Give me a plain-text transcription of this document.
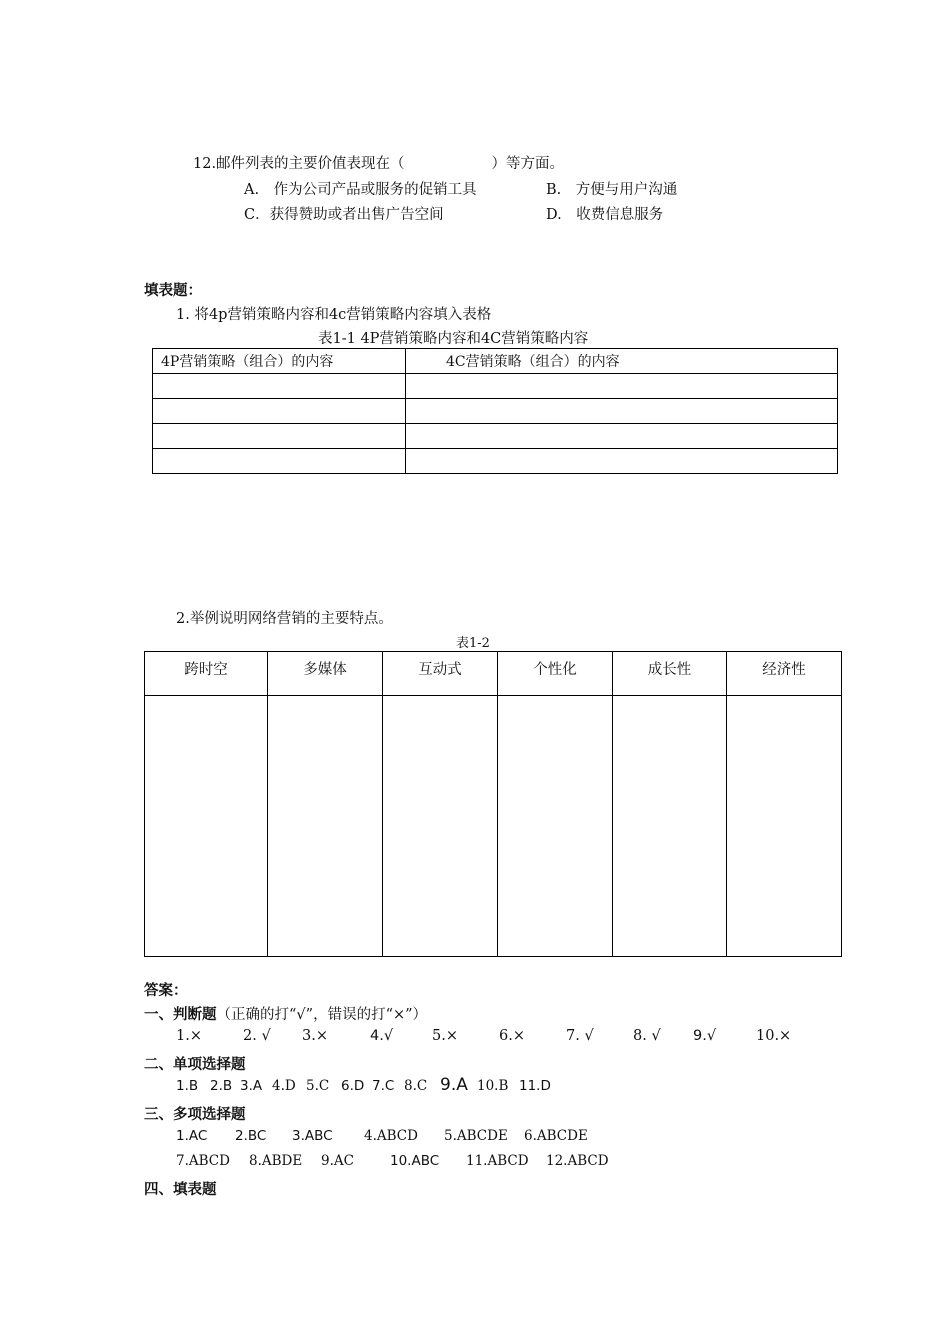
12.邮件列表的主要价值表现在（　　　　　　）等方面。
A.　作为公司产品或服务的促销工具	B.　方便与用户沟通
C．获得赞助或者出售广告空间	D.　收费信息服务
填表题：
1. 将4p营销策略内容和4c营销策略内容填入表格
表1-1 4P营销策略内容和4C营销策略内容
4P营销策略（组合）的内容	4C营销策略（组合）的内容

2.举例说明网络营销的主要特点。
表1-2
跨时空	多媒体	互动式	个性化	成长性	经济性

答案：
一、判断题（正确的打“√”，错误的打“×”）
1.×	2. √ 3.×	4.√	5.×	6.×	7. √	8. √ 9.√	10.×
二、单项选择题
1.B 2.B 3.A 4.D 5.C 6.D 7.C 8.C 9.A 10.B 11.D
三、多项选择题
1.AC 2.BC 3.ABC 4.ABCD 5.ABCDE 6.ABCDE
7.ABCD 8.ABDE 9.AC	10.ABC 11.ABCD 12.ABCD
四、填表题
